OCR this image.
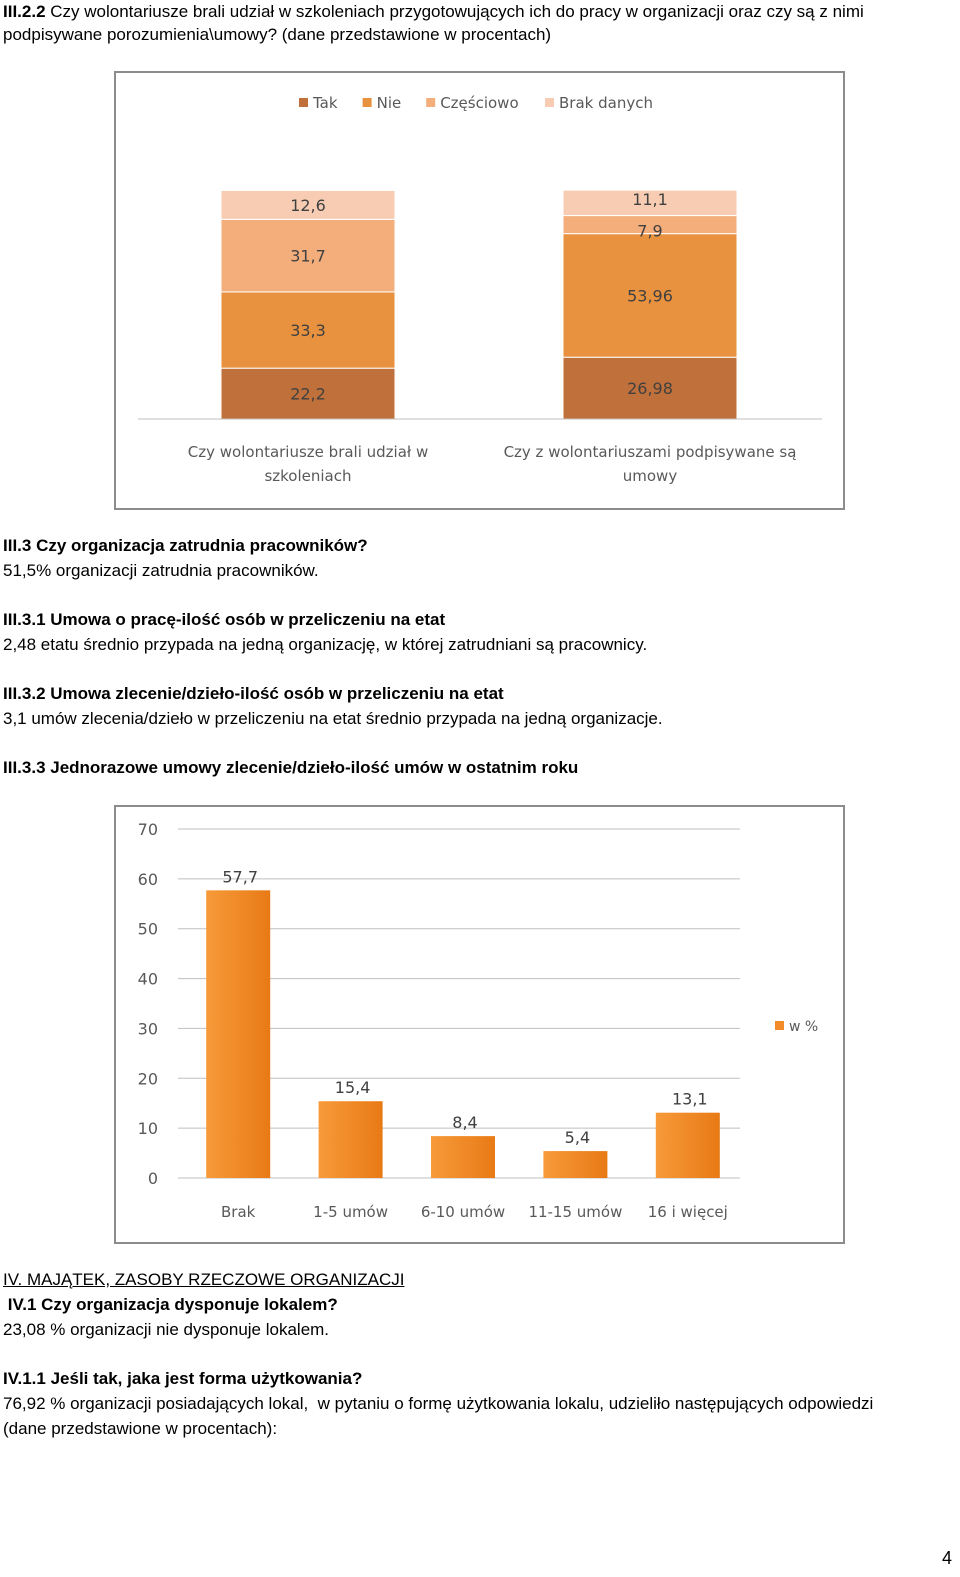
III.2.2 Czy wolontariusze brali udział w szkoleniach przygotowujących ich do pracy w organizacji oraz czy są z nimi
podpisywane porozumienia\umowy? (dane przedstawione w procentach)
Tak	Nie	Częściowo	Brak danych
22,2
33,3
31,7
12,6
Czy wolontariusze brali udział w
szkoleniach
26,98
53,96
7,9
11,1
Czy z wolontariuszami podpisywane są
umowy
III.3 Czy organizacja zatrudnia pracowników?
51,5% organizacji zatrudnia pracowników.
III.3.1 Umowa o pracę-ilość osób w przeliczeniu na etat
2,48 etatu średnio przypada na jedną organizację, w której zatrudniani są pracownicy.
III.3.2 Umowa zlecenie/dzieło-ilość osób w przeliczeniu na etat
3,1 umów zlecenia/dzieło w przeliczeniu na etat średnio przypada na jedną organizacje.
III.3.3 Jednorazowe umowy zlecenie/dzieło-ilość umów w ostatnim roku
0
10
20
30
40
50
60
70
57,7
Brak
15,4
1-5 umów
8,4
6-10 umów
5,4
11-15 umów
13,1
16 i więcej
w %
IV. MAJĄTEK, ZASOBY RZECZOWE ORGANIZACJI
IV.1 Czy organizacja dysponuje lokalem?
23,08 % organizacji nie dysponuje lokalem.
IV.1.1 Jeśli tak, jaka jest forma użytkowania?
76,92 % organizacji posiadających lokal,  w pytaniu o formę użytkowania lokalu, udzieliło następujących odpowiedzi
(dane przedstawione w procentach):
4
